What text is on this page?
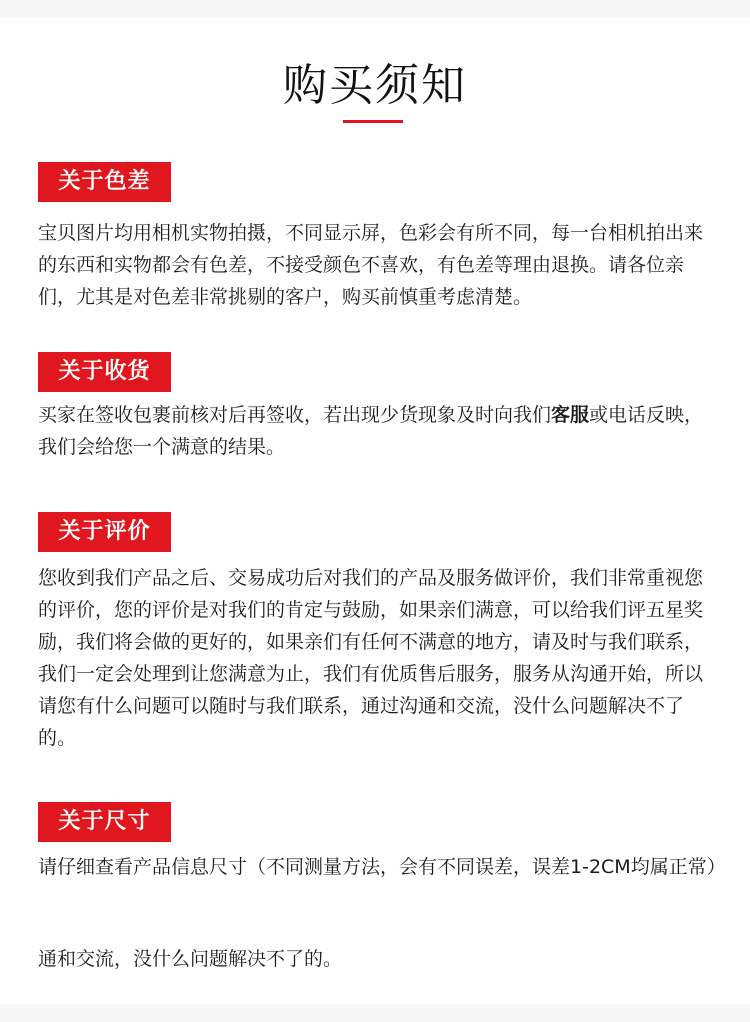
购买须知
关于色差

宝贝图片均用相机实物拍摄，不同显示屏，色彩会有所不同，每一台相机拍出来的东西和实物都会有色差，不接受颜色不喜欢，有色差等理由退换。请各位亲们，尤其是对色差非常挑剔的客户，购买前慎重考虑清楚。

关于收货

买家在签收包裹前核对后再签收，若出现少货现象及时向我们客服或电话反映，我们会给您一个满意的结果。

关于评价

您收到我们产品之后、交易成功后对我们的产品及服务做评价，我们非常重视您的评价，您的评价是对我们的肯定与鼓励，如果亲们满意，可以给我们评五星奖励，我们将会做的更好的，如果亲们有任何不满意的地方，请及时与我们联系，我们一定会处理到让您满意为止，我们有优质售后服务，服务从沟通开始，所以请您有什么问题可以随时与我们联系，通过沟通和交流，没什么问题解决不了的。

关于尺寸

请仔细查看产品信息尺寸（不同测量方法，会有不同误差，误差1-2CM均属正常）

通和交流，没什么问题解决不了的。
